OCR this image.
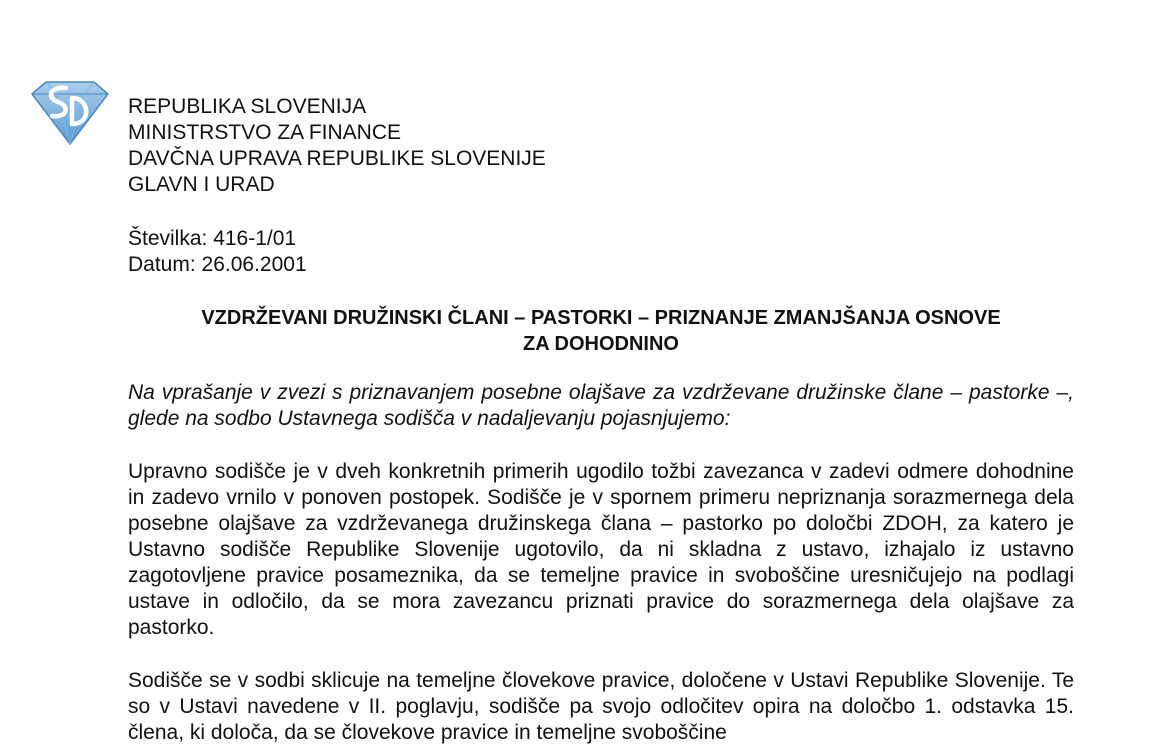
REPUBLIKA SLOVENIJA
MINISTRSTVO ZA FINANCE
DAVČNA UPRAVA REPUBLIKE SLOVENIJE
GLAVN I URAD
Številka: 416-1/01
Datum: 26.06.2001
VZDRŽEVANI DRUŽINSKI ČLANI – PASTORKI – PRIZNANJE ZMANJŠANJA OSNOVE
ZA DOHODNINO

Na vprašanje v zvezi s priznavanjem posebne olajšave za vzdrževane družinske člane – pastorke –, glede na sodbo Ustavnega sodišča v nadaljevanju pojasnjujemo:

Upravno sodišče je v dveh konkretnih primerih ugodilo tožbi zavezanca v zadevi odmere dohodnine in zadevo vrnilo v ponoven postopek. Sodišče je v spornem primeru nepriznanja sorazmernega dela posebne olajšave za vzdrževanega družinskega člana – pastorko po določbi ZDOH, za katero je Ustavno sodišče Republike Slovenije ugotovilo, da ni skladna z ustavo, izhajalo iz ustavno zagotovljene pravice posameznika, da se temeljne pravice in svoboščine uresničujejo na podlagi ustave in odločilo, da se mora zavezancu priznati pravice do sorazmernega dela olajšave za pastorko.

Sodišče se v sodbi sklicuje na temeljne človekove pravice, določene v Ustavi Republike Slovenije. Te so v Ustavi navedene v II. poglavju, sodišče pa svojo odločitev opira na določbo 1. odstavka 15. člena, ki določa, da se človekove pravice in temeljne svoboščine
